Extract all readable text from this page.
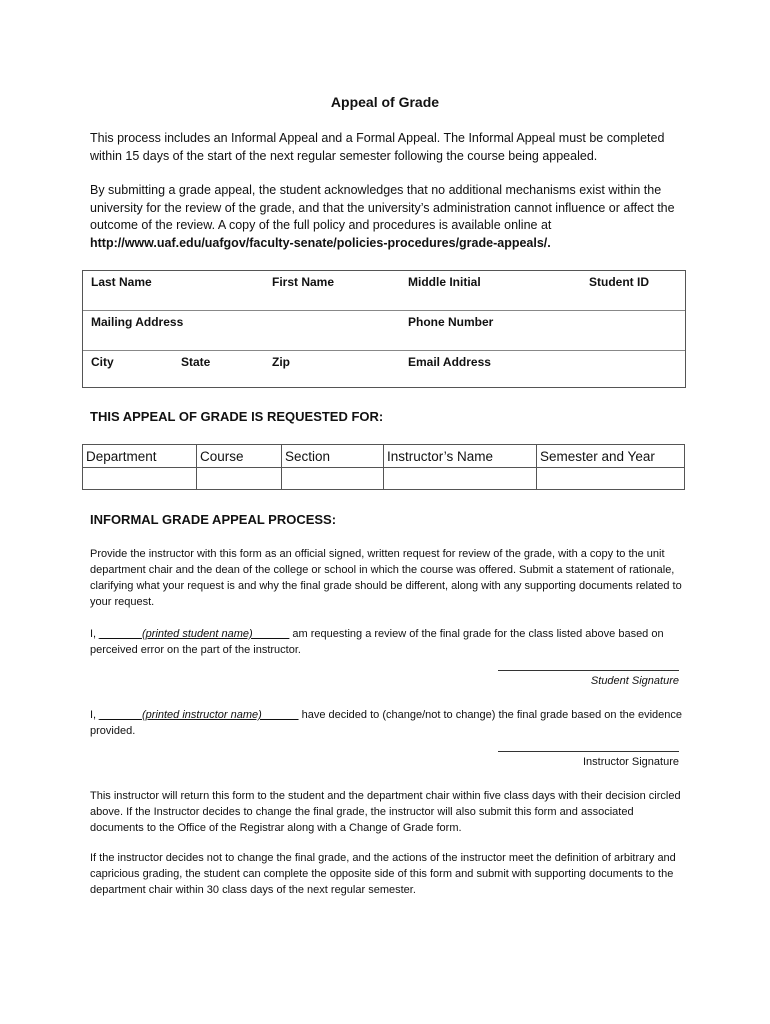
Appeal of Grade
This process includes an Informal Appeal and a Formal Appeal. The Informal Appeal must be completed within 15 days of the start of the next regular semester following the course being appealed.
By submitting a grade appeal, the student acknowledges that no additional mechanisms exist within the university for the review of the grade, and that the university’s administration cannot influence or affect the outcome of the review. A copy of the full policy and procedures is available online at http://www.uaf.edu/uafgov/faculty-senate/policies-procedures/grade-appeals/.
Last Name	First Name	Middle Initial	Student ID
Mailing Address	Phone Number
City	State	Zip	Email Address
THIS APPEAL OF GRADE IS REQUESTED FOR:
Department	Course	Section	Instructor’s Name	Semester and Year

INFORMAL GRADE APPEAL PROCESS:
Provide the instructor with this form as an official signed, written request for review of the grade, with a copy to the unit department chair and the dean of the college or school in which the course was offered. Submit a statement of rationale, clarifying what your request is and why the final grade should be different, along with any supporting documents related to your request.
I, _______(printed student name)______ am requesting a review of the final grade for the class listed above based on perceived error on the part of the instructor.
Student Signature
I, _______(printed instructor name)______ have decided to (change/not to change) the final grade based on the evidence provided.
Instructor Signature
This instructor will return this form to the student and the department chair within five class days with their decision circled above. If the Instructor decides to change the final grade, the instructor will also submit this form and associated documents to the Office of the Registrar along with a Change of Grade form.
If the instructor decides not to change the final grade, and the actions of the instructor meet the definition of arbitrary and capricious grading, the student can complete the opposite side of this form and submit with supporting documents to the department chair within 30 class days of the next regular semester.
